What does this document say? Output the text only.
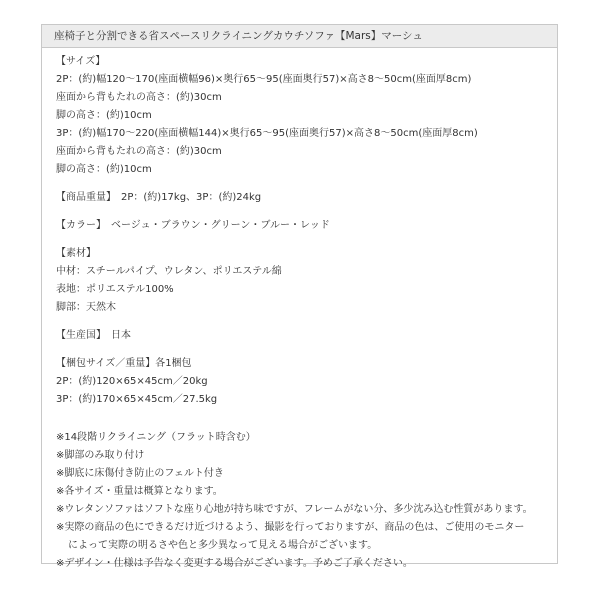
座椅子と分割できる省スペースリクライニングカウチソファ【Mars】マーシュ
【サイズ】
2P：(約)幅120～170(座面横幅96)×奥行65～95(座面奥行57)×高さ8～50cm(座面厚8cm)
座面から背もたれの高さ：(約)30cm
脚の高さ：(約)10cm
3P：(約)幅170～220(座面横幅144)×奥行65～95(座面奥行57)×高さ8～50cm(座面厚8cm)
座面から背もたれの高さ：(約)30cm
脚の高さ：(約)10cm
【商品重量】　2P：(約)17kg、3P：(約)24kg
【カラー】　ベージュ・ブラウン・グリーン・ブルー・レッド
【素材】
中材：スチールパイプ、ウレタン、ポリエステル綿
表地：ポリエステル100%
脚部：天然木
【生産国】　日本
【梱包サイズ／重量】各1梱包
2P：(約)120×65×45cm／20kg
3P：(約)170×65×45cm／27.5kg
※14段階リクライニング（フラット時含む）
※脚部のみ取り付け
※脚底に床傷付き防止のフェルト付き
※各サイズ・重量は概算となります。
※ウレタンソファはソフトな座り心地が持ち味ですが、フレームがない分、多少沈み込む性質があります。
※実際の商品の色にできるだけ近づけるよう、撮影を行っておりますが、商品の色は、ご使用のモニター
によって実際の明るさや色と多少異なって見える場合がございます。
※デザイン・仕様は予告なく変更する場合がございます。予めご了承ください。
